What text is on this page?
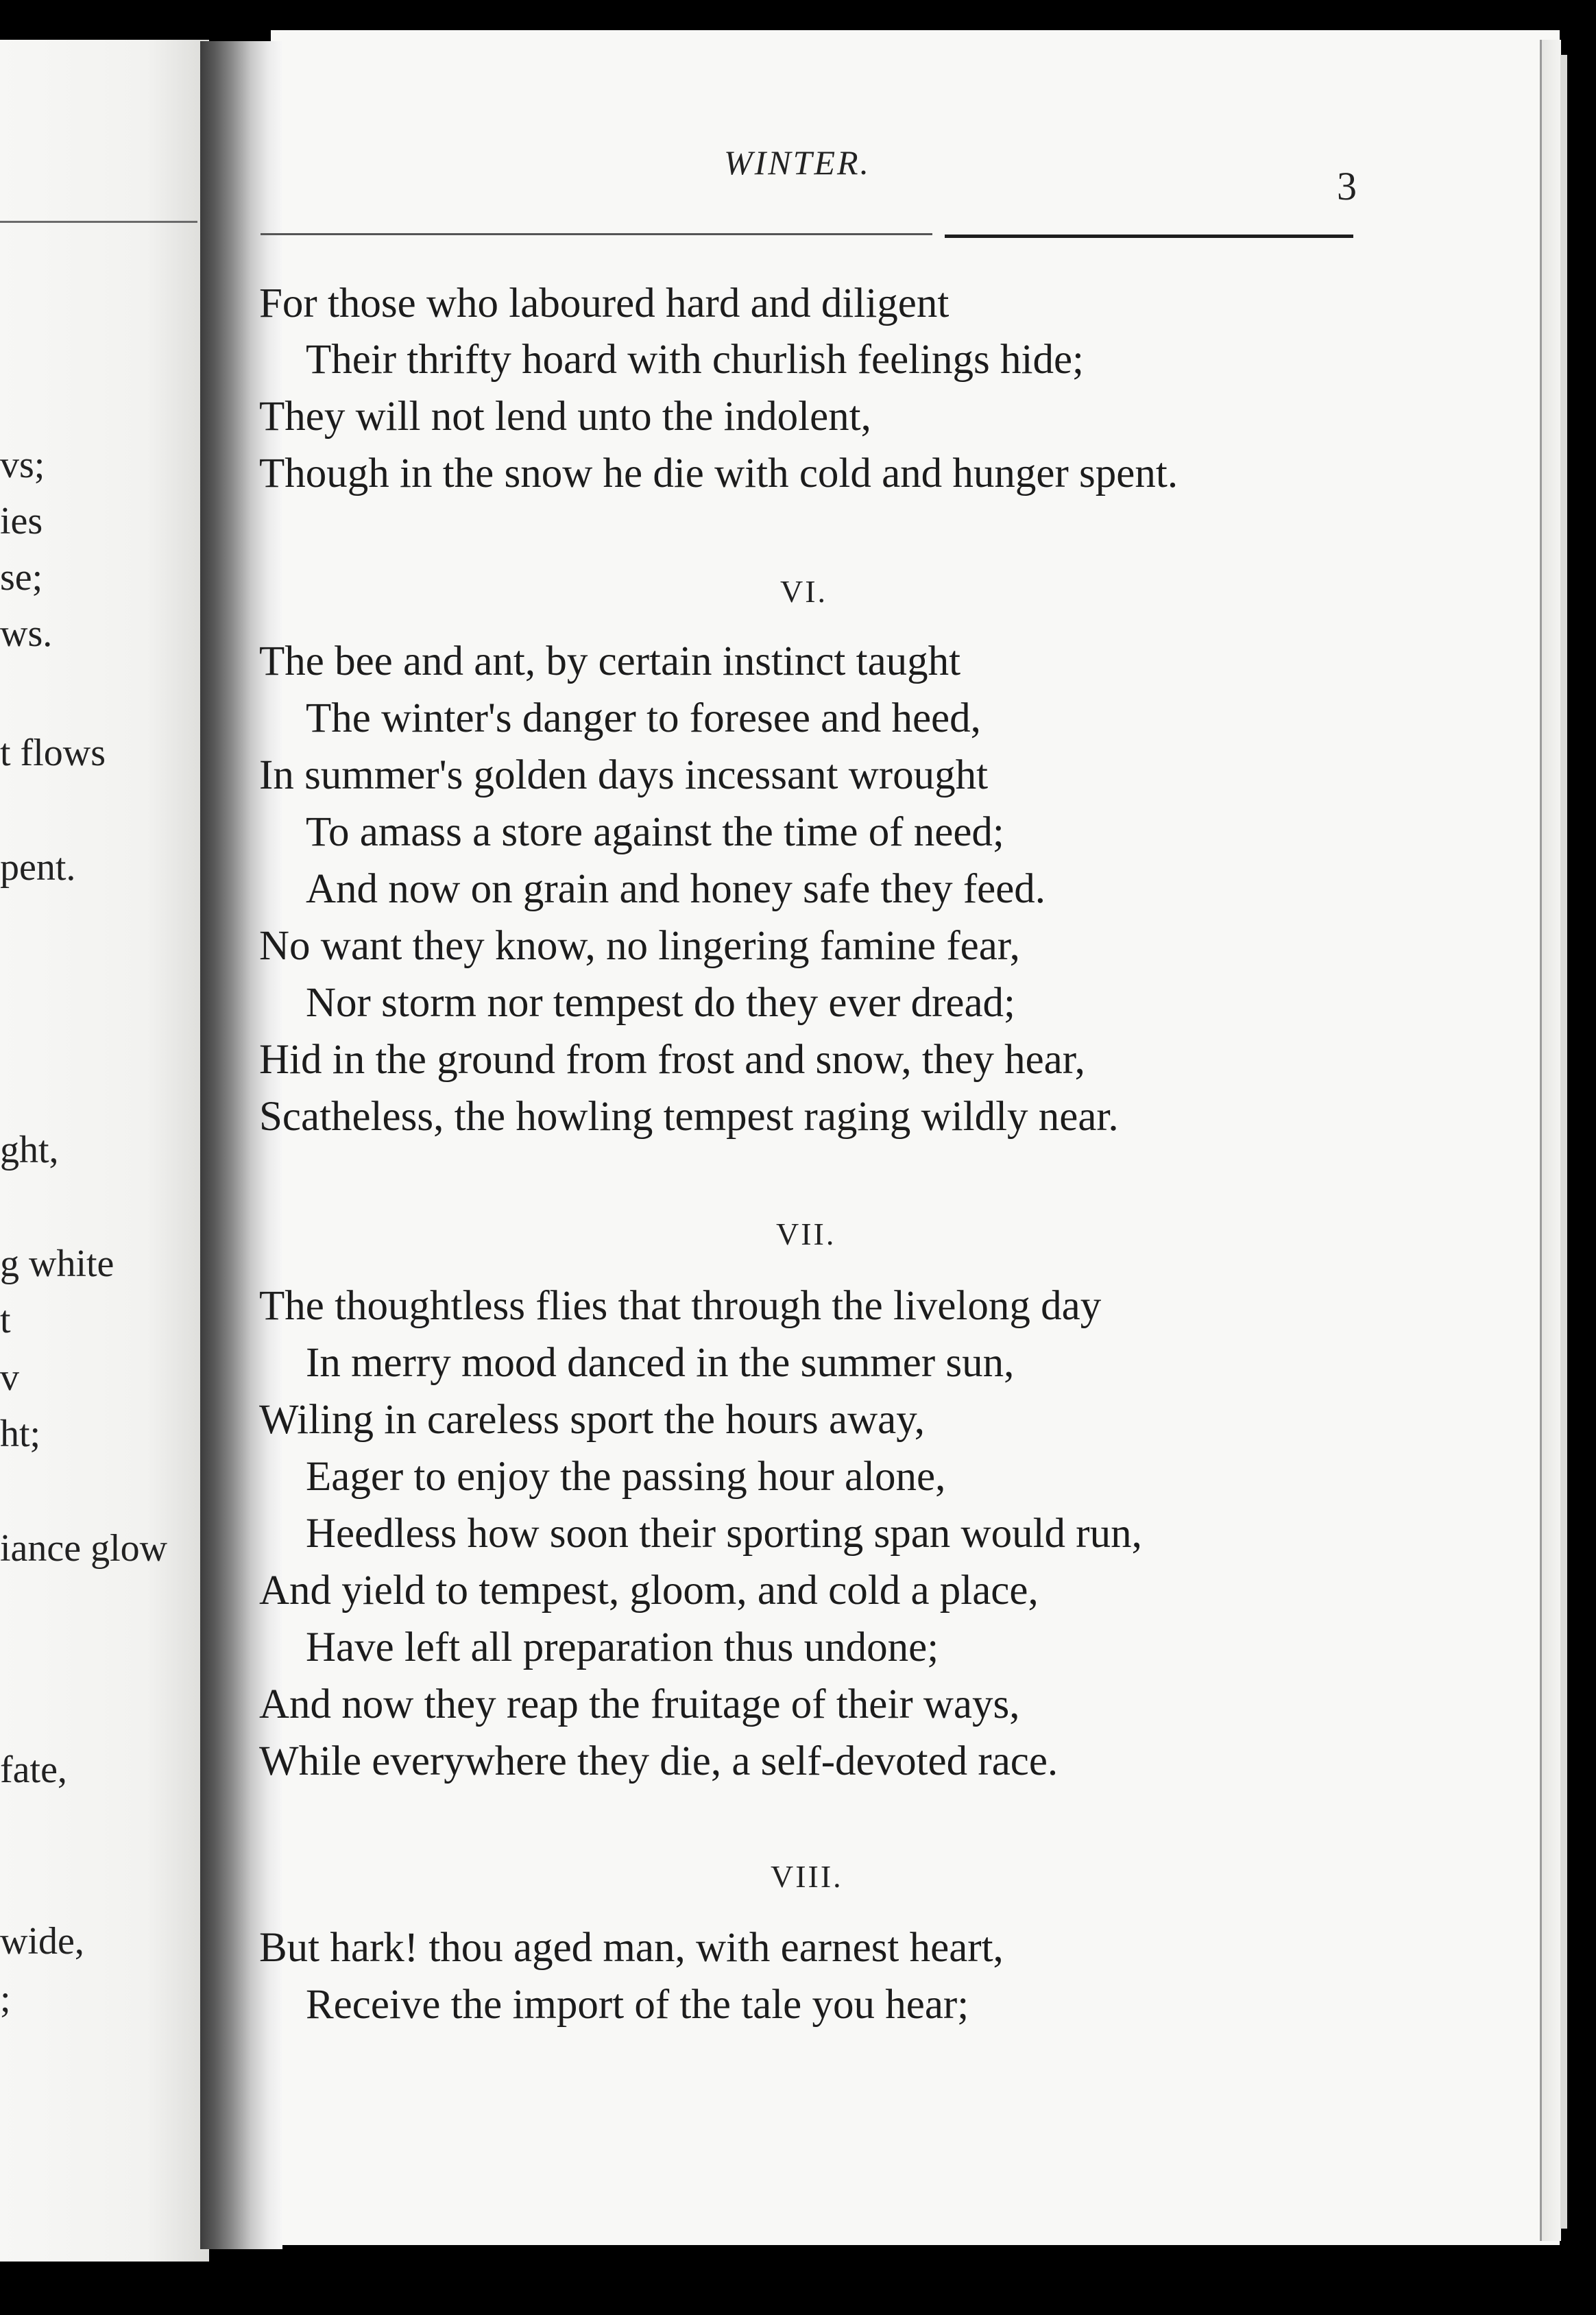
vs;
ies
se;
ws.
t flows
pent.
ght,
g white
t
v
ht;
iance glow
fate,
wide,
;
WINTER.
3
For those who laboured hard and diligent
Their thrifty hoard with churlish feelings hide;
They will not lend unto the indolent,
Though in the snow he die with cold and hunger spent.
VI.
The bee and ant, by certain instinct taught
The winter's danger to foresee and heed,
In summer's golden days incessant wrought
To amass a store against the time of need;
And now on grain and honey safe they feed.
No want they know, no lingering famine fear,
Nor storm nor tempest do they ever dread;
Hid in the ground from frost and snow, they hear,
Scatheless, the howling tempest raging wildly near.
VII.
The thoughtless flies that through the livelong day
In merry mood danced in the summer sun,
Wiling in careless sport the hours away,
Eager to enjoy the passing hour alone,
Heedless how soon their sporting span would run,
And yield to tempest, gloom, and cold a place,
Have left all preparation thus undone;
And now they reap the fruitage of their ways,
While everywhere they die, a self-devoted race.
VIII.
But hark! thou aged man, with earnest heart,
Receive the import of the tale you hear;
